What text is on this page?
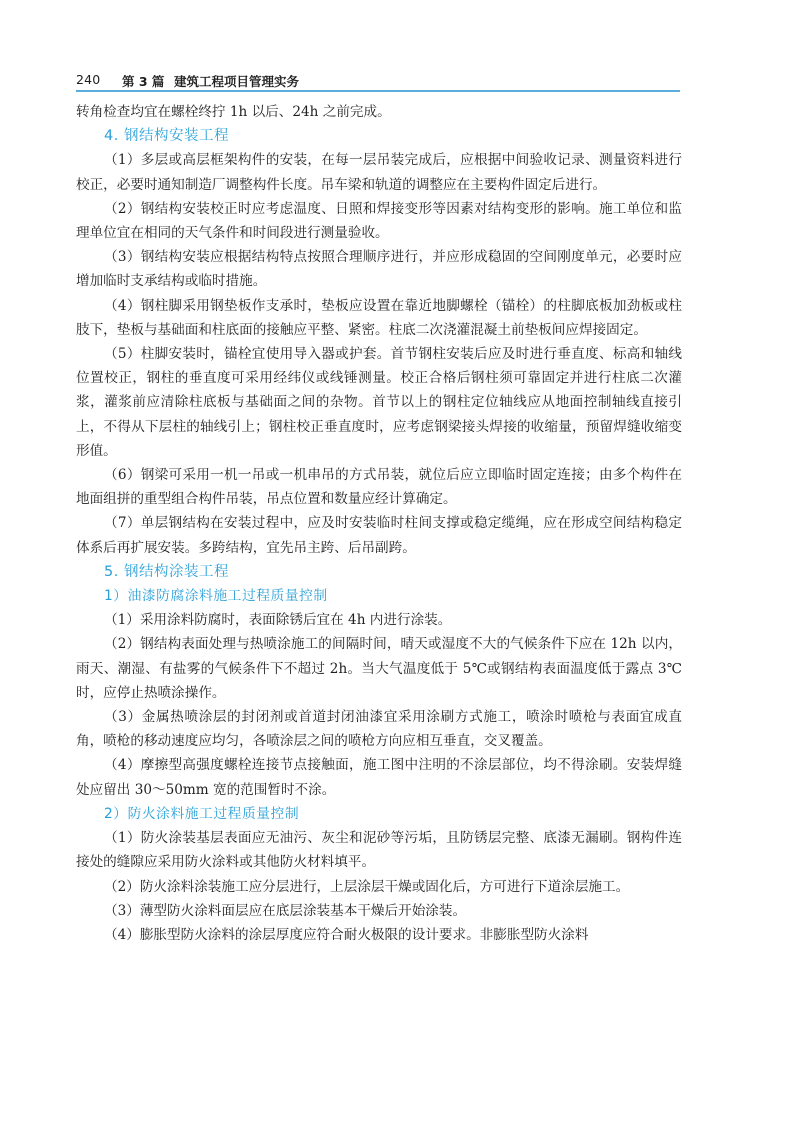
240 第 3 篇 建筑工程项目管理实务

转角检查均宜在螺栓终拧 1h 以后、24h 之前完成。

4. 钢结构安装工程

（1）多层或高层框架构件的安装，在每一层吊装完成后，应根据中间验收记录、测量资料进行校正，必要时通知制造厂调整构件长度。吊车梁和轨道的调整应在主要构件固定后进行。

（2）钢结构安装校正时应考虑温度、日照和焊接变形等因素对结构变形的影响。施工单位和监理单位宜在相同的天气条件和时间段进行测量验收。

（3）钢结构安装应根据结构特点按照合理顺序进行，并应形成稳固的空间刚度单元，必要时应增加临时支承结构或临时措施。

（4）钢柱脚采用钢垫板作支承时，垫板应设置在靠近地脚螺栓（锚栓）的柱脚底板加劲板或柱肢下，垫板与基础面和柱底面的接触应平整、紧密。柱底二次浇灌混凝土前垫板间应焊接固定。

（5）柱脚安装时，锚栓宜使用导入器或护套。首节钢柱安装后应及时进行垂直度、标高和轴线位置校正，钢柱的垂直度可采用经纬仪或线锤测量。校正合格后钢柱须可靠固定并进行柱底二次灌浆，灌浆前应清除柱底板与基础面之间的杂物。首节以上的钢柱定位轴线应从地面控制轴线直接引上，不得从下层柱的轴线引上；钢柱校正垂直度时，应考虑钢梁接头焊接的收缩量，预留焊缝收缩变形值。

（6）钢梁可采用一机一吊或一机串吊的方式吊装，就位后应立即临时固定连接；由多个构件在地面组拼的重型组合构件吊装，吊点位置和数量应经计算确定。

（7）单层钢结构在安装过程中，应及时安装临时柱间支撑或稳定缆绳，应在形成空间结构稳定体系后再扩展安装。多跨结构，宜先吊主跨、后吊副跨。

5. 钢结构涂装工程
1）油漆防腐涂料施工过程质量控制

（1）采用涂料防腐时，表面除锈后宜在 4h 内进行涂装。

（2）钢结构表面处理与热喷涂施工的间隔时间，晴天或湿度不大的气候条件下应在 12h 以内，雨天、潮湿、有盐雾的气候条件下不超过 2h。当大气温度低于 5℃或钢结构表面温度低于露点 3℃时，应停止热喷涂操作。

（3）金属热喷涂层的封闭剂或首道封闭油漆宜采用涂刷方式施工，喷涂时喷枪与表面宜成直角，喷枪的移动速度应均匀，各喷涂层之间的喷枪方向应相互垂直，交叉覆盖。

（4）摩擦型高强度螺栓连接节点接触面，施工图中注明的不涂层部位，均不得涂刷。安装焊缝处应留出 30～50mm 宽的范围暂时不涂。

2）防火涂料施工过程质量控制

（1）防火涂装基层表面应无油污、灰尘和泥砂等污垢，且防锈层完整、底漆无漏刷。钢构件连接处的缝隙应采用防火涂料或其他防火材料填平。

（2）防火涂料涂装施工应分层进行，上层涂层干燥或固化后，方可进行下道涂层施工。

（3）薄型防火涂料面层应在底层涂装基本干燥后开始涂装。

（4）膨胀型防火涂料的涂层厚度应符合耐火极限的设计要求。非膨胀型防火涂料
